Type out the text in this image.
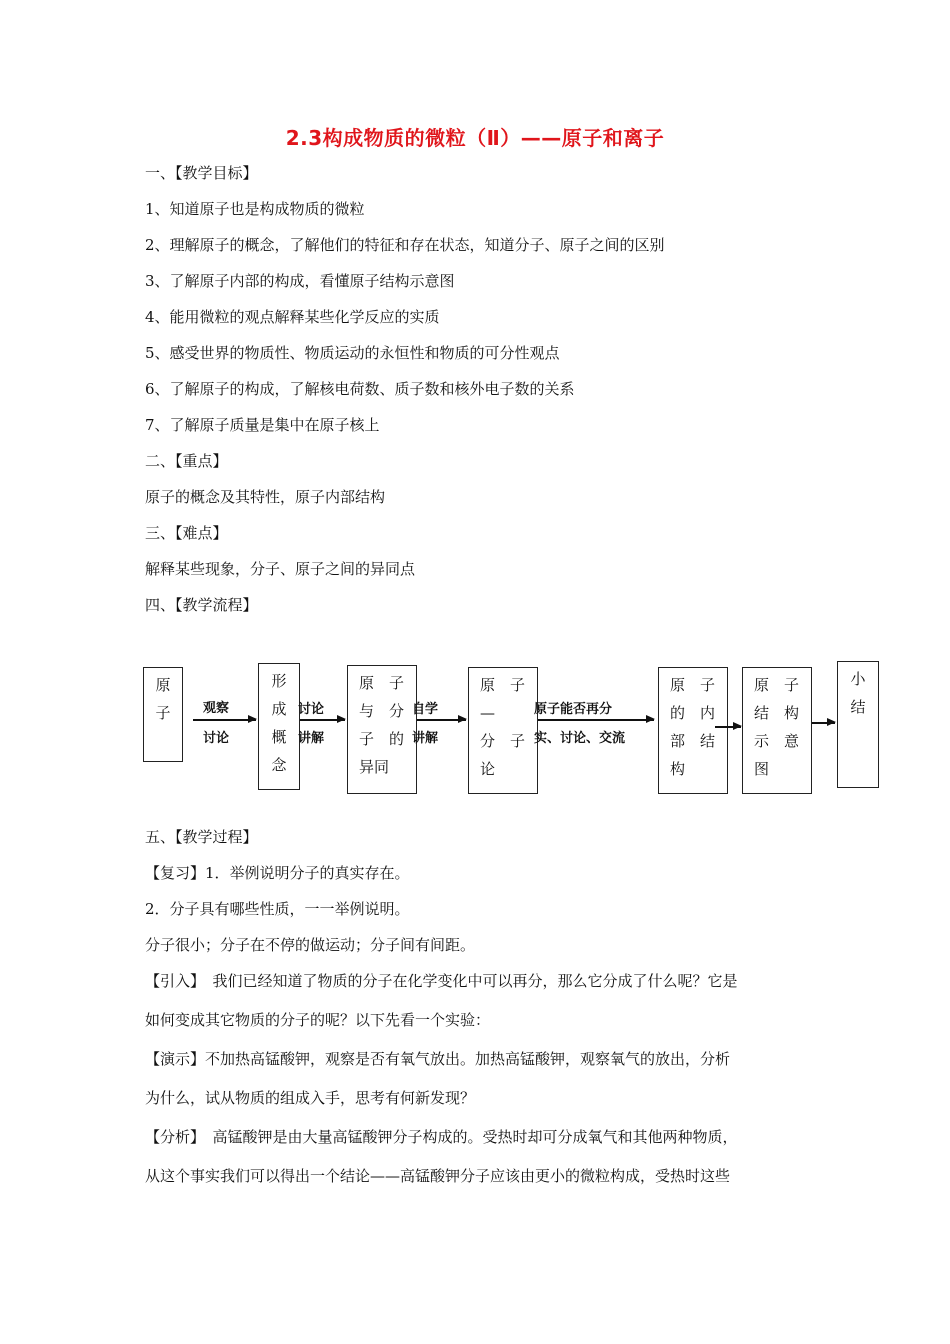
2.3构成物质的微粒（Ⅱ）——原子和离子
一、【教学目标】
1、知道原子也是构成物质的微粒
2、理解原子的概念，了解他们的特征和存在状态，知道分子、原子之间的区别
3、了解原子内部的构成，看懂原子结构示意图
4、能用微粒的观点解释某些化学反应的实质
5、感受世界的物质性、物质运动的永恒性和物质的可分性观点
6、了解原子的构成，了解核电荷数、质子数和核外电子数的关系
7、了解原子质量是集中在原子核上
二、【重点】
原子的概念及其特性，原子内部结构
三、【难点】
解释某些现象，分子、原子之间的异同点
四、【教学流程】
原
子	观察
讨论
形
成
概
念
讨论
讲解
原　子
与　分
子　的
异同
自学
讲解
原　子
—
分　子
论
原子能否再分
实、讨论、交流
原　子
的　内
部　结
构
原　子
结　构
示　意
图
小
结
五、【教学过程】
【复习】1．举例说明分子的真实存在。
2．分子具有哪些性质，一一举例说明。
分子很小；分子在不停的做运动；分子间有间距。
【引入】　我们已经知道了物质的分子在化学变化中可以再分，那么它分成了什么呢？它是
如何变成其它物质的分子的呢？以下先看一个实验：
【演示】不加热高锰酸钾，观察是否有氧气放出。加热高锰酸钾，观察氧气的放出，分析
为什么，试从物质的组成入手，思考有何新发现？
【分析】　高锰酸钾是由大量高锰酸钾分子构成的。受热时却可分成氧气和其他两种物质，
从这个事实我们可以得出一个结论——高锰酸钾分子应该由更小的微粒构成，受热时这些
